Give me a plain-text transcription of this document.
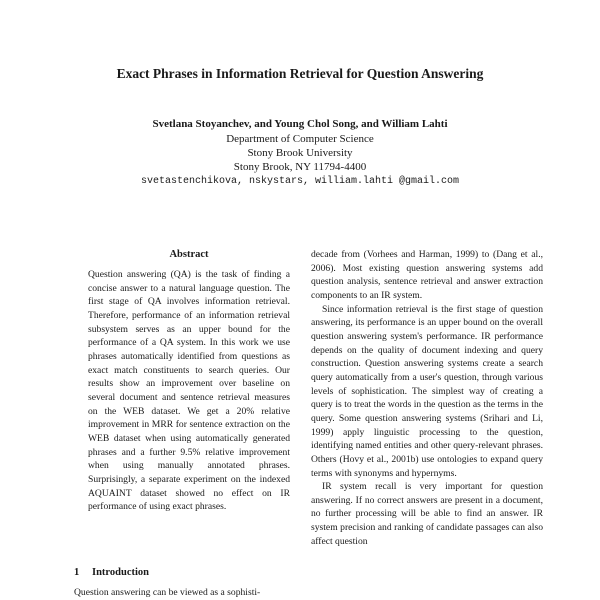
Exact Phrases in Information Retrieval for Question Answering
Svetlana Stoyanchev, and Young Chol Song, and William Lahti
Department of Computer Science
Stony Brook University
Stony Brook, NY 11794-4400
svetastenchikova, nskystars, william.lahti @gmail.com
Abstract

Question answering (QA) is the task of finding a concise answer to a natural language question. The first stage of QA involves information retrieval. Therefore, performance of an information retrieval subsystem serves as an upper bound for the performance of a QA system. In this work we use phrases automatically identified from questions as exact match constituents to search queries. Our results show an improvement over baseline on several document and sentence retrieval measures on the WEB dataset. We get a 20% relative improvement in MRR for sentence extraction on the WEB dataset when using automatically generated phrases and a further 9.5% relative improvement when using manually annotated phrases. Surprisingly, a separate experiment on the indexed AQUAINT dataset showed no effect on IR performance of using exact phrases.

1 Introduction

Question answering can be viewed as a sophisti-

decade from (Vorhees and Harman, 1999) to (Dang et al., 2006). Most existing question answering systems add question analysis, sentence retrieval and answer extraction components to an IR system.

Since information retrieval is the first stage of question answering, its performance is an upper bound on the overall question answering system's performance. IR performance depends on the quality of document indexing and query construction. Question answering systems create a search query automatically from a user's question, through various levels of sophistication. The simplest way of creating a query is to treat the words in the question as the terms in the query. Some question answering systems (Srihari and Li, 1999) apply linguistic processing to the question, identifying named entities and other query-relevant phrases. Others (Hovy et al., 2001b) use ontologies to expand query terms with synonyms and hypernyms.

IR system recall is very important for question answering. If no correct answers are present in a document, no further processing will be able to find an answer. IR system precision and ranking of candidate passages can also affect question
